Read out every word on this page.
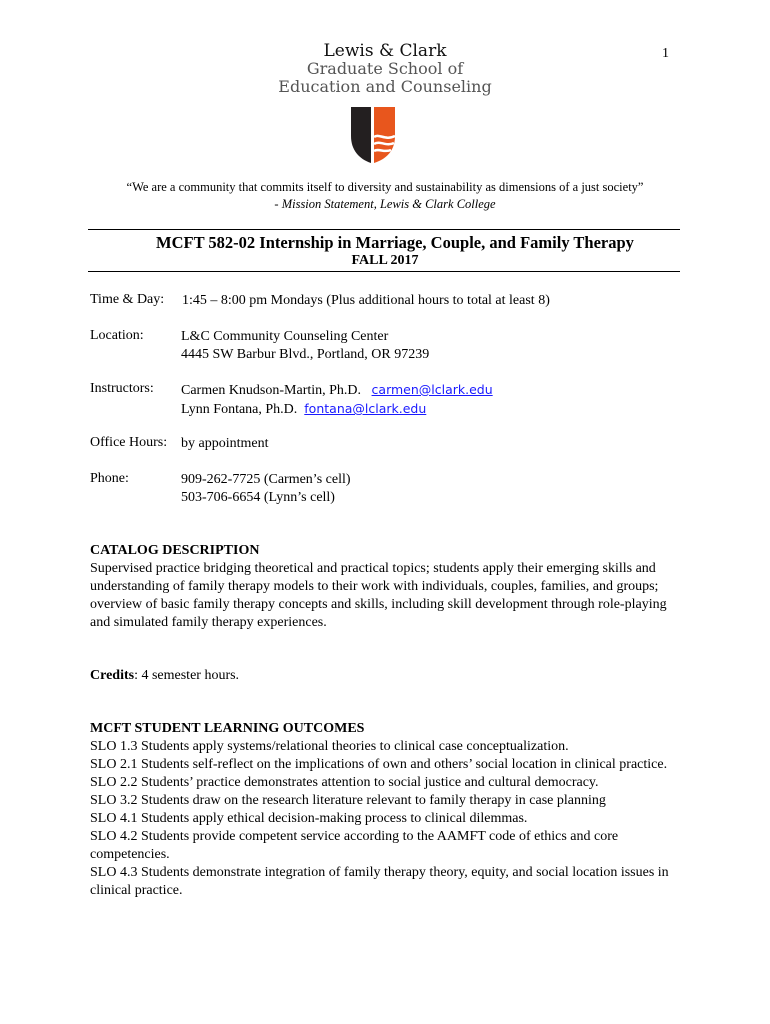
1
Lewis & Clark
Graduate School of
Education and Counseling
“We are a community that commits itself to diversity and sustainability as dimensions of a just society”
- Mission Statement, Lewis & Clark College
MCFT 582-02 Internship in Marriage, Couple, and Family Therapy
FALL 2017
Time & Day: 1:45 – 8:00 pm Mondays (Plus additional hours to total at least 8)
Location:	L&C Community Counseling Center
4445 SW Barbur Blvd., Portland, OR 97239
Instructors: Carmen Knudson-Martin, Ph.D. carmen@lclark.edu
Lynn Fontana, Ph.D. fontana@lclark.edu
Office Hours: by appointment
Phone:	909-262-7725 (Carmen’s cell)
503-706-6654 (Lynn’s cell)
CATALOG DESCRIPTION

Supervised practice bridging theoretical and practical topics; students apply their emerging skills and understanding of family therapy models to their work with individuals, couples, families, and groups; overview of basic family therapy concepts and skills, including skill development through role-playing and simulated family therapy experiences.

Credits: 4 semester hours.
MCFT STUDENT LEARNING OUTCOMES
SLO 1.3 Students apply systems/relational theories to clinical case conceptualization.
SLO 2.1 Students self-reflect on the implications of own and others’ social location in clinical practice.
SLO 2.2 Students’ practice demonstrates attention to social justice and cultural democracy.
SLO 3.2 Students draw on the research literature relevant to family therapy in case planning
SLO 4.1 Students apply ethical decision-making process to clinical dilemmas.
SLO 4.2 Students provide competent service according to the AAMFT code of ethics and core competencies.
SLO 4.3 Students demonstrate integration of family therapy theory, equity, and social location issues in clinical practice.
